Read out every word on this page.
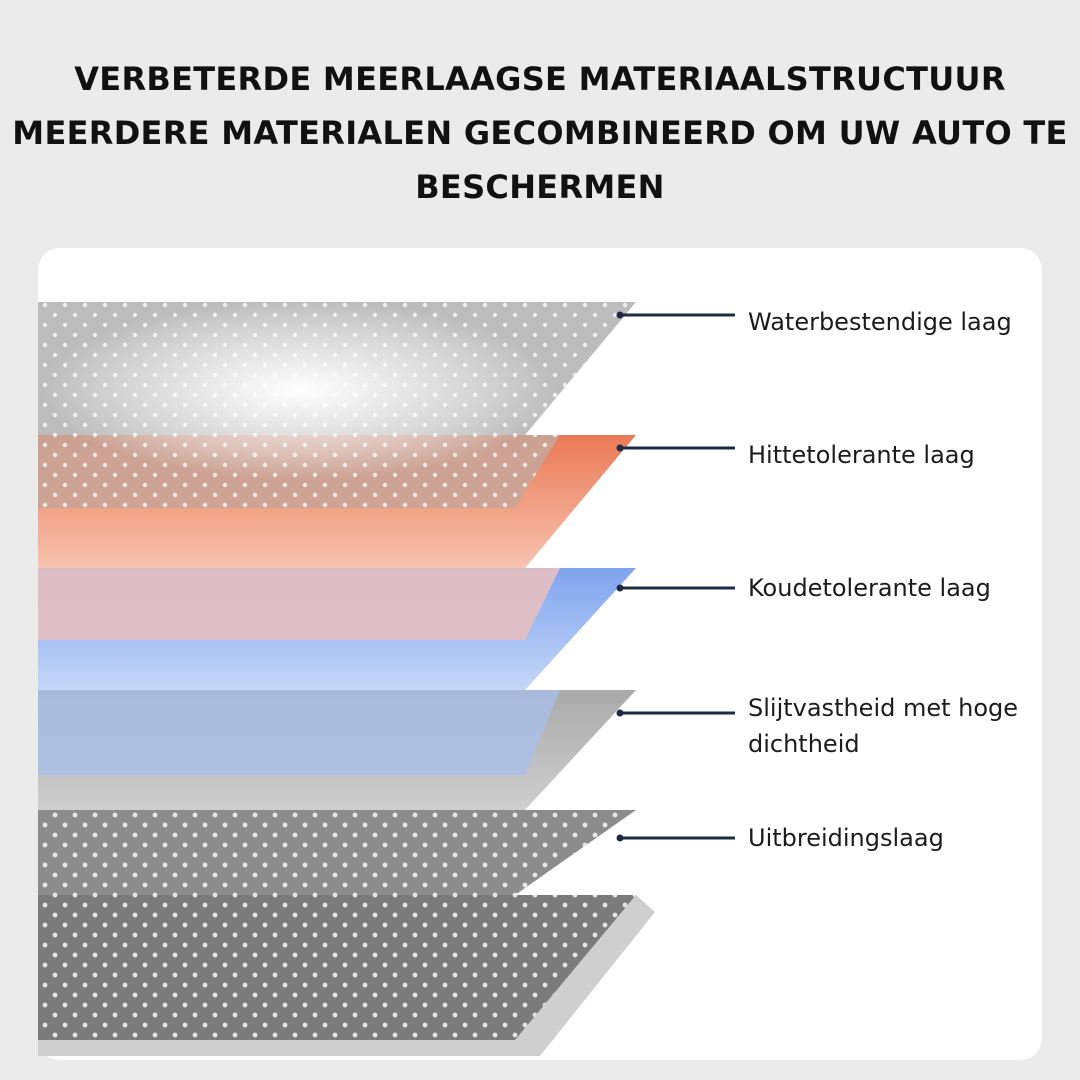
VERBETERDE MEERLAAGSE MATERIAALSTRUCTUUR
MEERDERE MATERIALEN GECOMBINEERD OM UW AUTO TE
BESCHERMEN

Waterbestendige laag

Hittetolerante laag

Koudetolerante laag

Slijtvastheid met hoge dichtheid

Uitbreidingslaag
